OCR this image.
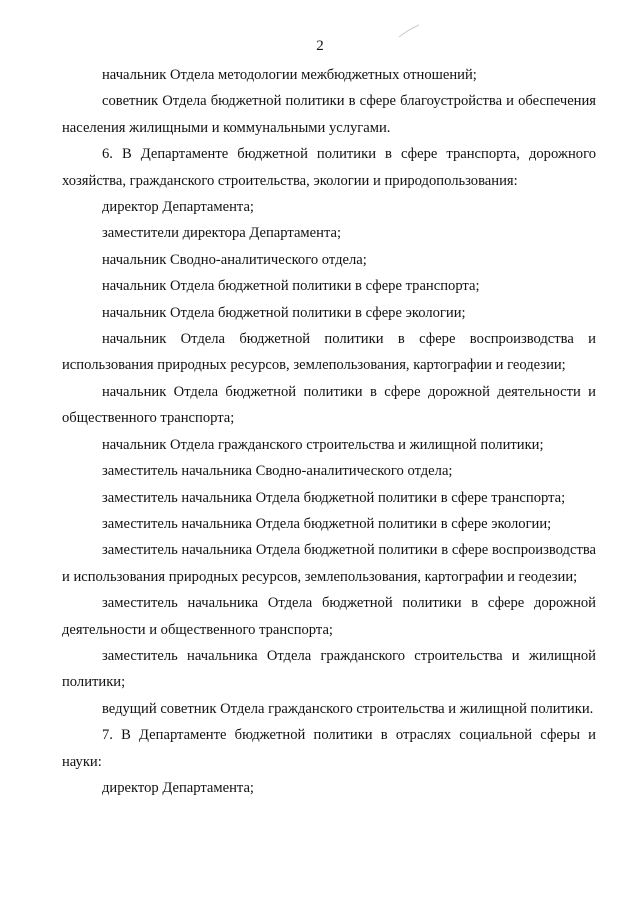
2

начальник Отдела методологии межбюджетных отношений;

советник Отдела бюджетной политики в сфере благоустройства и обеспечения населения жилищными и коммунальными услугами.

6. В Департаменте бюджетной политики в сфере транспорта, дорожного хозяйства, гражданского строительства, экологии и природопользования:

директор Департамента;

заместители директора Департамента;

начальник Сводно-аналитического отдела;

начальник Отдела бюджетной политики в сфере транспорта;

начальник Отдела бюджетной политики в сфере экологии;

начальник Отдела бюджетной политики в сфере воспроизводства и использования природных ресурсов, землепользования, картографии и геодезии;

начальник Отдела бюджетной политики в сфере дорожной деятельности и общественного транспорта;

начальник Отдела гражданского строительства и жилищной политики;

заместитель начальника Сводно-аналитического отдела;

заместитель начальника Отдела бюджетной политики в сфере транспорта;

заместитель начальника Отдела бюджетной политики в сфере экологии;

заместитель начальника Отдела бюджетной политики в сфере воспроизводства и использования природных ресурсов, землепользования, картографии и геодезии;

заместитель начальника Отдела бюджетной политики в сфере дорожной деятельности и общественного транспорта;

заместитель начальника Отдела гражданского строительства и жилищной политики;

ведущий советник Отдела гражданского строительства и жилищной политики.

7. В Департаменте бюджетной политики в отраслях социальной сферы и науки:

директор Департамента;
